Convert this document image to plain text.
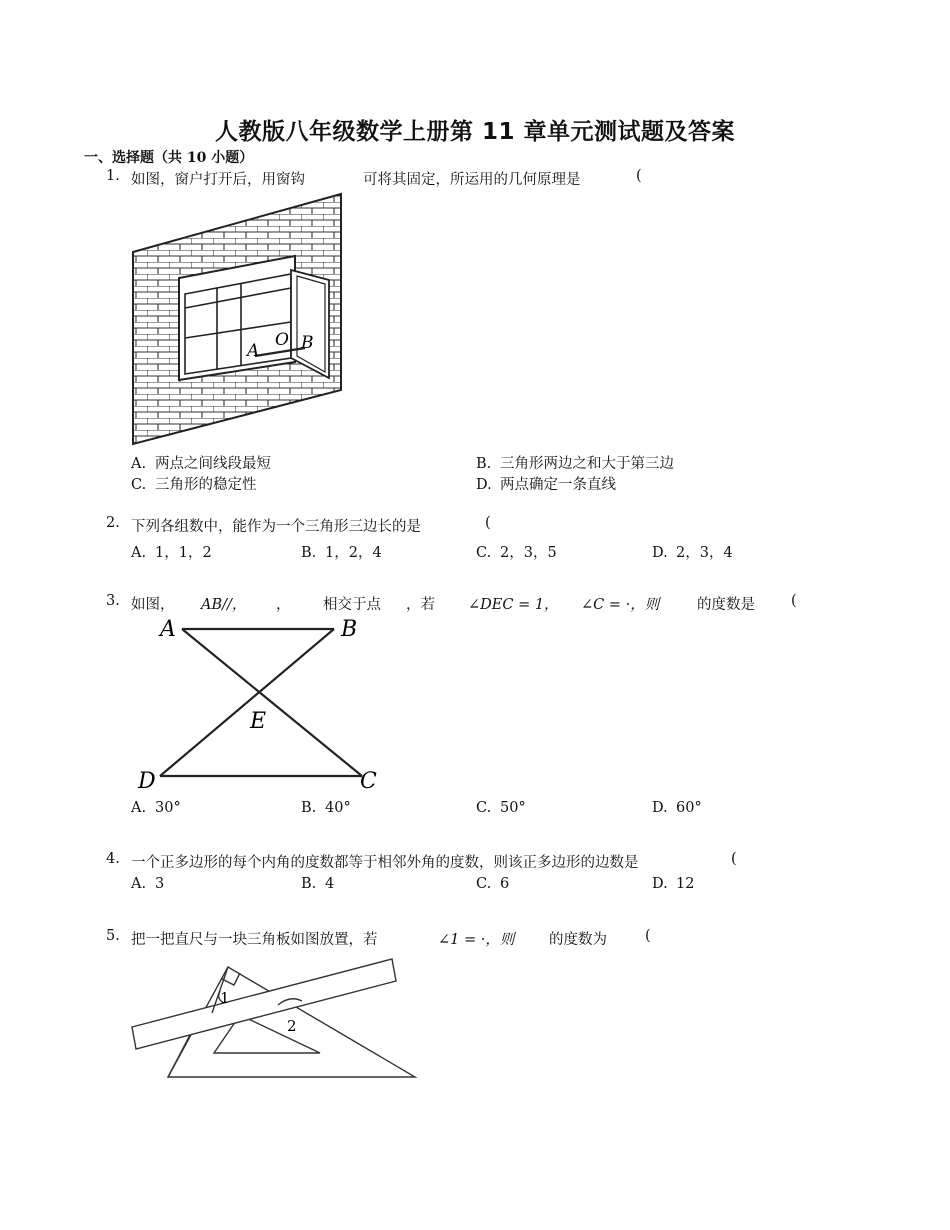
人教版八年级数学上册第 11 章单元测试题及答案
一、选择题（共 10 小题）
1. 如图，窗户打开后，用窗钩	可将其固定，所运用的几何原理是	(
A
O B
A. 两点之间线段最短	B. 三角形两边之和大于第三边
C. 三角形的稳定性	D. 两点确定一条直线
2. 下列各组数中，能作为一个三角形三边长的是	(
A. 1，1，2	B. 1，2，4	C. 2，3，5	D. 2，3，4
3. 如图， AB//， ， 相交于点 ，若 ∠DEC = 1， ∠C = ·，则	的度数是 (
A	B
E
D	C
A. 30°	B. 40°	C. 50°	D. 60°
4. 一个正多边形的每个内角的度数都等于相邻外角的度数，则该正多边形的边数是	(
A. 3	B. 4	C. 6	D. 12
5. 把一把直尺与一块三角板如图放置，若	∠1 = ·，则 的度数为	(
1
2
